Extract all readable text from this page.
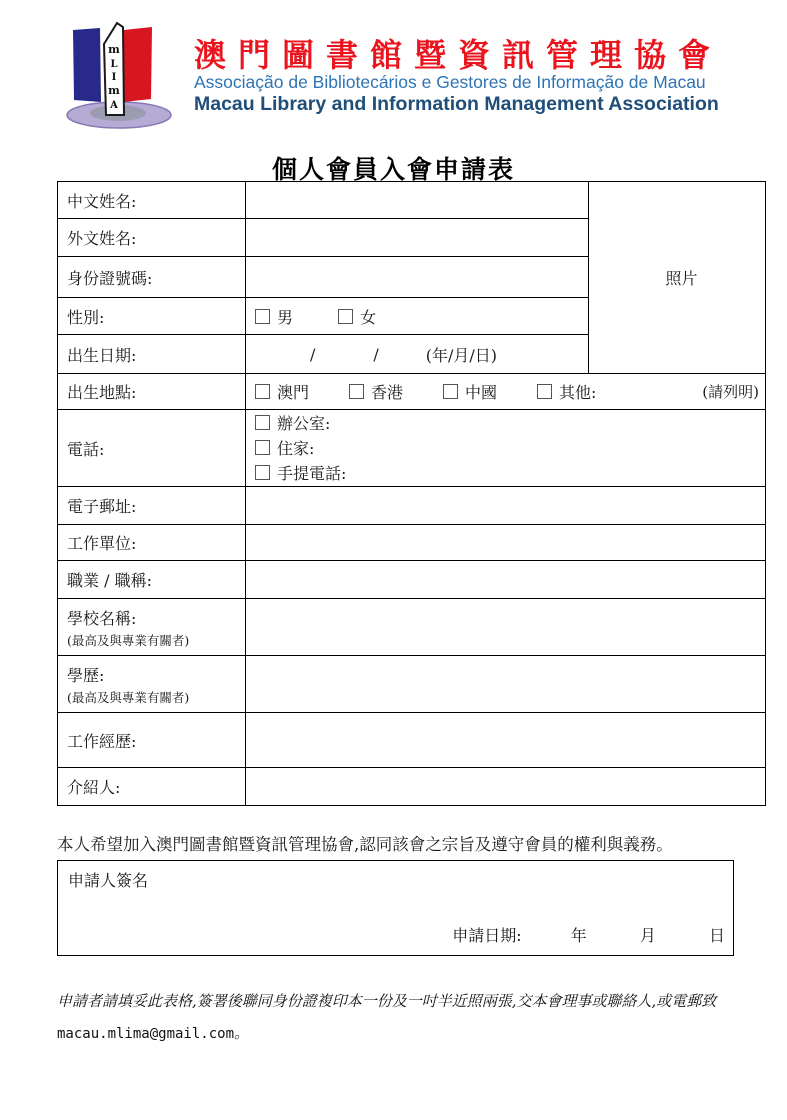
m
L
I
m
A
澳門圖書館暨資訊管理協會
Associação de Bibliotecários e Gestores de Informação de Macau
Macau Library and Information Management Association
個人會員入會申請表
中文姓名:		照片
外文姓名:		
身份證號碼:		
性別:	男 女	
出生日期:	/ / (年/月/日)	

出生地點:	澳門 香港 中國 其他: (請列明)	

電話:	辦公室:
住家:
手提電話:	

電子郵址:		
工作單位:		
職業 / 職稱:		

學校名稱:
(最高及與專業有關者)		

學歷:
(最高及與專業有關者)		

工作經歷:		
介紹人:		
本人希望加入澳門圖書館暨資訊管理協會,認同該會之宗旨及遵守會員的權利與義務。
申請人簽名
申請日期:	年	月	日
申請者請填妥此表格,簽署後聯同身份證複印本一份及一吋半近照兩張,交本會理事或聯絡人,或電郵致 macau.mlima@gmail.com。
